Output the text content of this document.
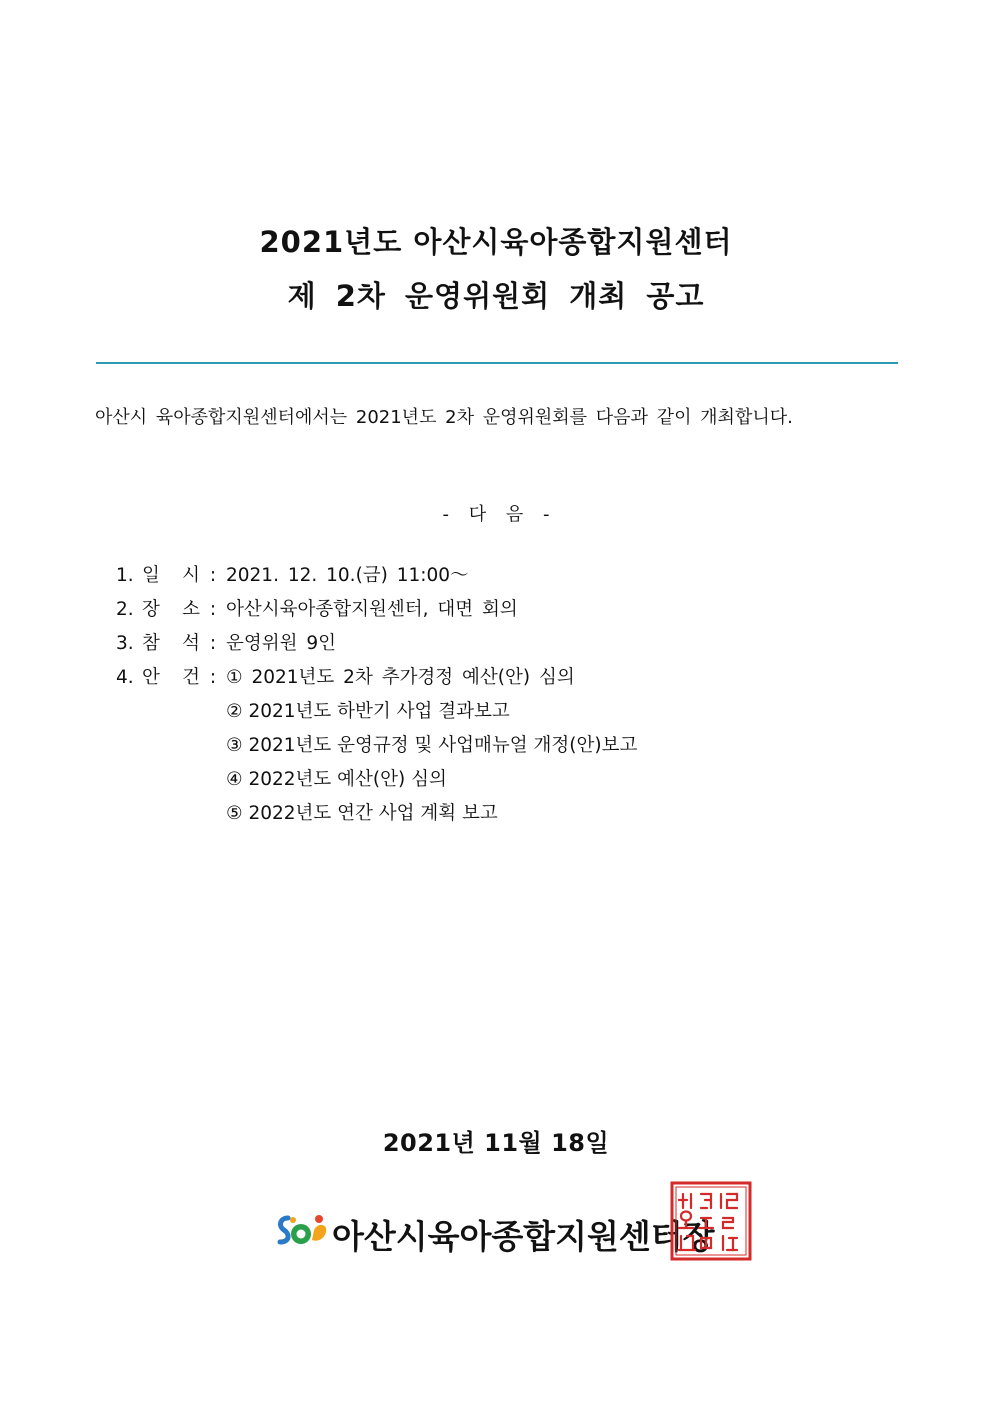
2021년도 아산시육아종합지원센터
제 2차 운영위원회 개최 공고
아산시 육아종합지원센터에서는 2021년도 2차 운영위원회를 다음과 같이 개최합니다.
- 다 음 -
1. 일 시 : 2021. 12. 10.(금) 11:00～
2. 장 소 : 아산시육아종합지원센터, 대면 회의
3. 참 석 : 운영위원 9인
4. 안 건 : ① 2021년도 2차 추가경정 예산(안) 심의
② 2021년도 하반기 사업 결과보고
③ 2021년도 운영규정 및 사업매뉴얼 개정(안)보고
④ 2022년도 예산(안) 심의
⑤ 2022년도 연간 사업 계획 보고
2021년 11월 18일
아산시육아종합지원센터장
